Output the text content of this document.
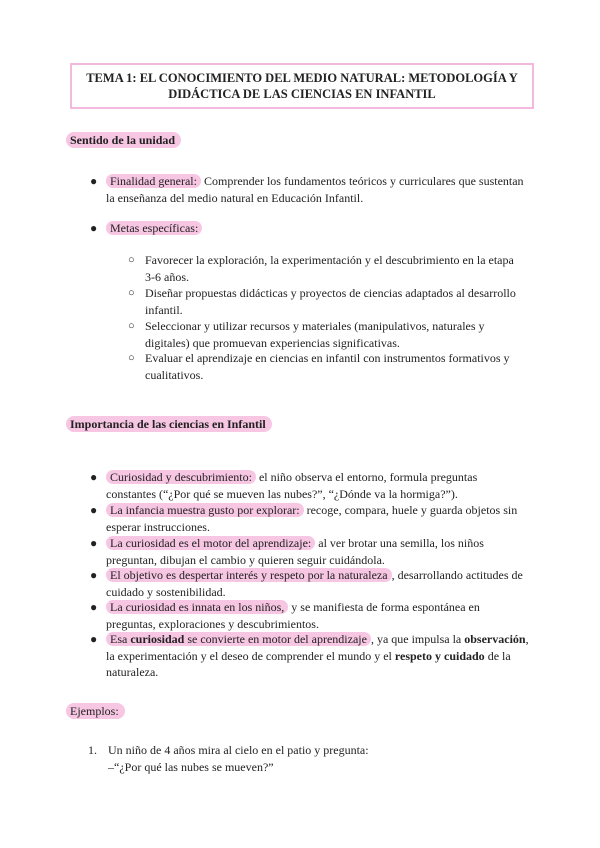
TEMA 1: EL CONOCIMIENTO DEL MEDIO NATURAL: METODOLOGÍA Y
DIDÁCTICA DE LAS CIENCIAS EN INFANTIL
Sentido de la unidad
●	Finalidad general: Comprender los fundamentos teóricos y curriculares que sustentan
la enseñanza del medio natural en Educación Infantil.
●	Metas específicas:
○ Favorecer la exploración, la experimentación y el descubrimiento en la etapa
3-6 años.
○ Diseñar propuestas didácticas y proyectos de ciencias adaptados al desarrollo
infantil.
○ Seleccionar y utilizar recursos y materiales (manipulativos, naturales y
digitales) que promuevan experiencias significativas.
○ Evaluar el aprendizaje en ciencias en infantil con instrumentos formativos y
cualitativos.
Importancia de las ciencias en Infantil
●	Curiosidad y descubrimiento: el niño observa el entorno, formula preguntas
constantes (“¿Por qué se mueven las nubes?”, “¿Dónde va la hormiga?”).
●	La infancia muestra gusto por explorar: recoge, compara, huele y guarda objetos sin
esperar instrucciones.
●	La curiosidad es el motor del aprendizaje: al ver brotar una semilla, los niños
preguntan, dibujan el cambio y quieren seguir cuidándola.
●	El objetivo es despertar interés y respeto por la naturaleza , desarrollando actitudes de
cuidado y sostenibilidad.
●	La curiosidad es innata en los niños, y se manifiesta de forma espontánea en
preguntas, exploraciones y descubrimientos.
●	Esa curiosidad se convierte en motor del aprendizaje , ya que impulsa la observación,
la experimentación y el deseo de comprender el mundo y el respeto y cuidado de la
naturaleza.
Ejemplos:
1. Un niño de 4 años mira al cielo en el patio y pregunta:
–“¿Por qué las nubes se mueven?”
